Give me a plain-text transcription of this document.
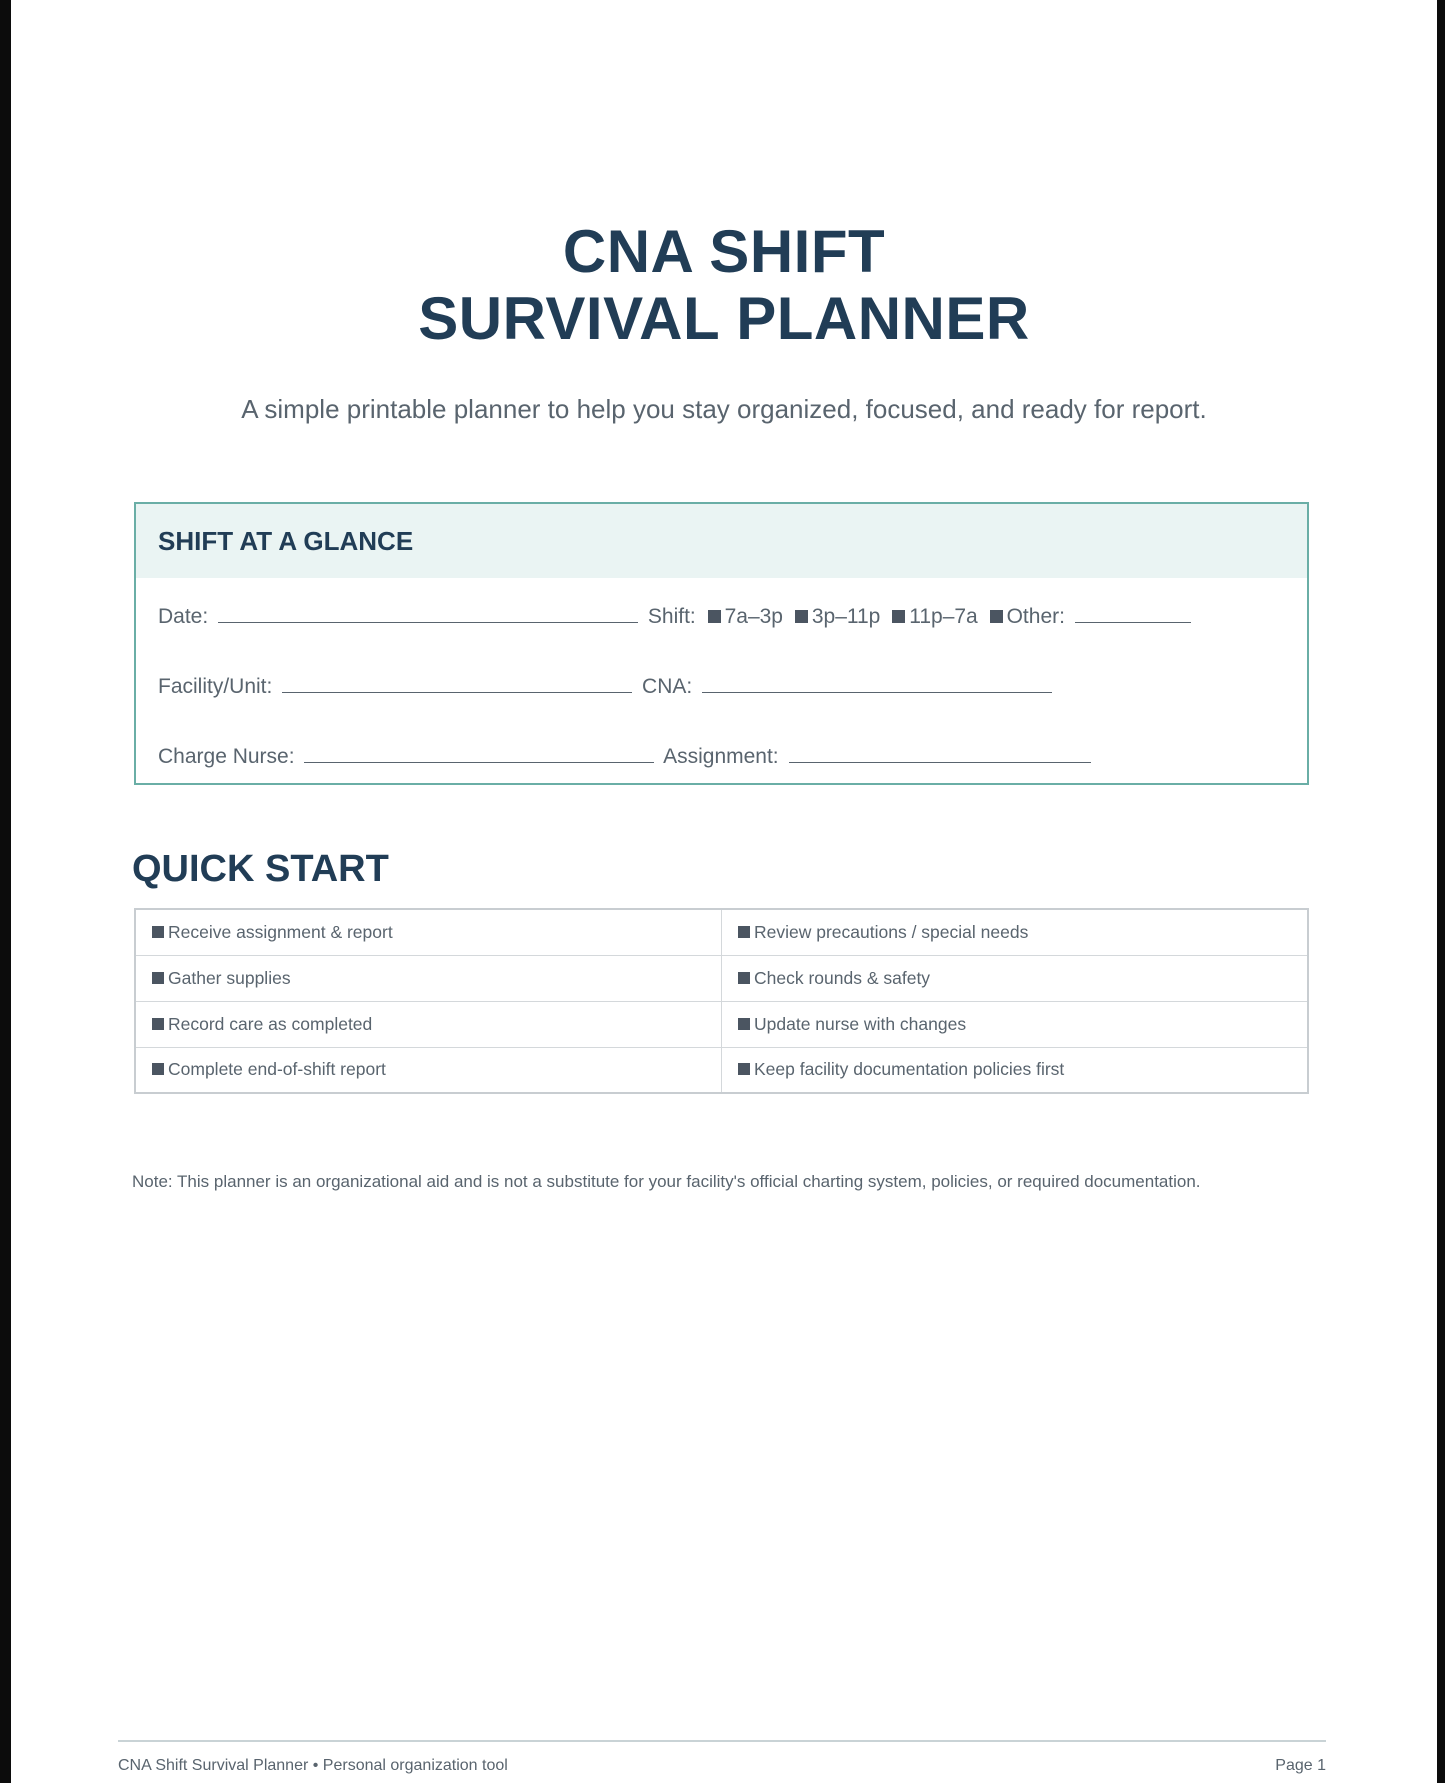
CNA SHIFT
SURVIVAL PLANNER
A simple printable planner to help you stay organized, focused, and ready for report.
SHIFT AT A GLANCE
Date:	Shift: 7a–3p 3p–11p 11p–7a Other:
Facility/Unit:	CNA:
Charge Nurse:	Assignment:
QUICK START
Receive assignment & report	Review precautions / special needs
Gather supplies	Check rounds & safety
Record care as completed	Update nurse with changes
Complete end-of-shift report	Keep facility documentation policies first
Note: This planner is an organizational aid and is not a substitute for your facility's official charting system, policies, or required documentation.
CNA Shift Survival Planner • Personal organization tool	Page 1
